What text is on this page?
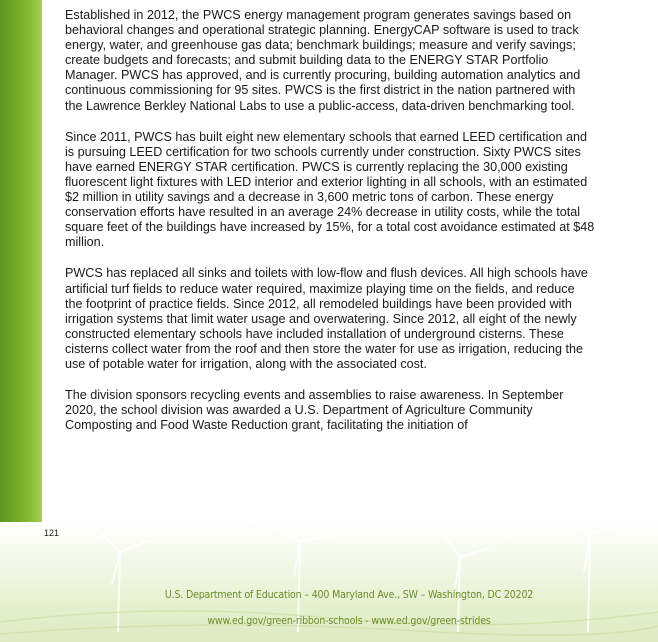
Established in 2012, the PWCS energy management program generates savings based on behavioral changes and operational strategic planning. EnergyCAP software is used to track energy, water, and greenhouse gas data; benchmark buildings; measure and verify savings; create budgets and forecasts; and submit building data to the ENERGY STAR Portfolio Manager. PWCS has approved, and is currently procuring, building automation analytics and continuous commissioning for 95 sites. PWCS is the first district in the nation partnered with the Lawrence Berkley National Labs to use a public-access, data-driven benchmarking tool.

Since 2011, PWCS has built eight new elementary schools that earned LEED certification and is pursuing LEED certification for two schools currently under construction. Sixty PWCS sites have earned ENERGY STAR certification. PWCS is currently replacing the 30,000 existing fluorescent light fixtures with LED interior and exterior lighting in all schools, with an estimated $2 million in utility savings and a decrease in 3,600 metric tons of carbon. These energy conservation efforts have resulted in an average 24% decrease in utility costs, while the total square feet of the buildings have increased by 15%, for a total cost avoidance estimated at $48 million.

PWCS has replaced all sinks and toilets with low-flow and flush devices. All high schools have artificial turf fields to reduce water required, maximize playing time on the fields, and reduce the footprint of practice fields. Since 2012, all remodeled buildings have been provided with irrigation systems that limit water usage and overwatering. Since 2012, all eight of the newly constructed elementary schools have included installation of underground cisterns. These cisterns collect water from the roof and then store the water for use as irrigation, reducing the use of potable water for irrigation, along with the associated cost.

The division sponsors recycling events and assemblies to raise awareness. In September 2020, the school division was awarded a U.S. Department of Agriculture Community Composting and Food Waste Reduction grant, facilitating the initiation of

121
U.S. Department of Education – 400 Maryland Ave., SW – Washington, DC 20202
www.ed.gov/green-ribbon-schools - www.ed.gov/green-strides
